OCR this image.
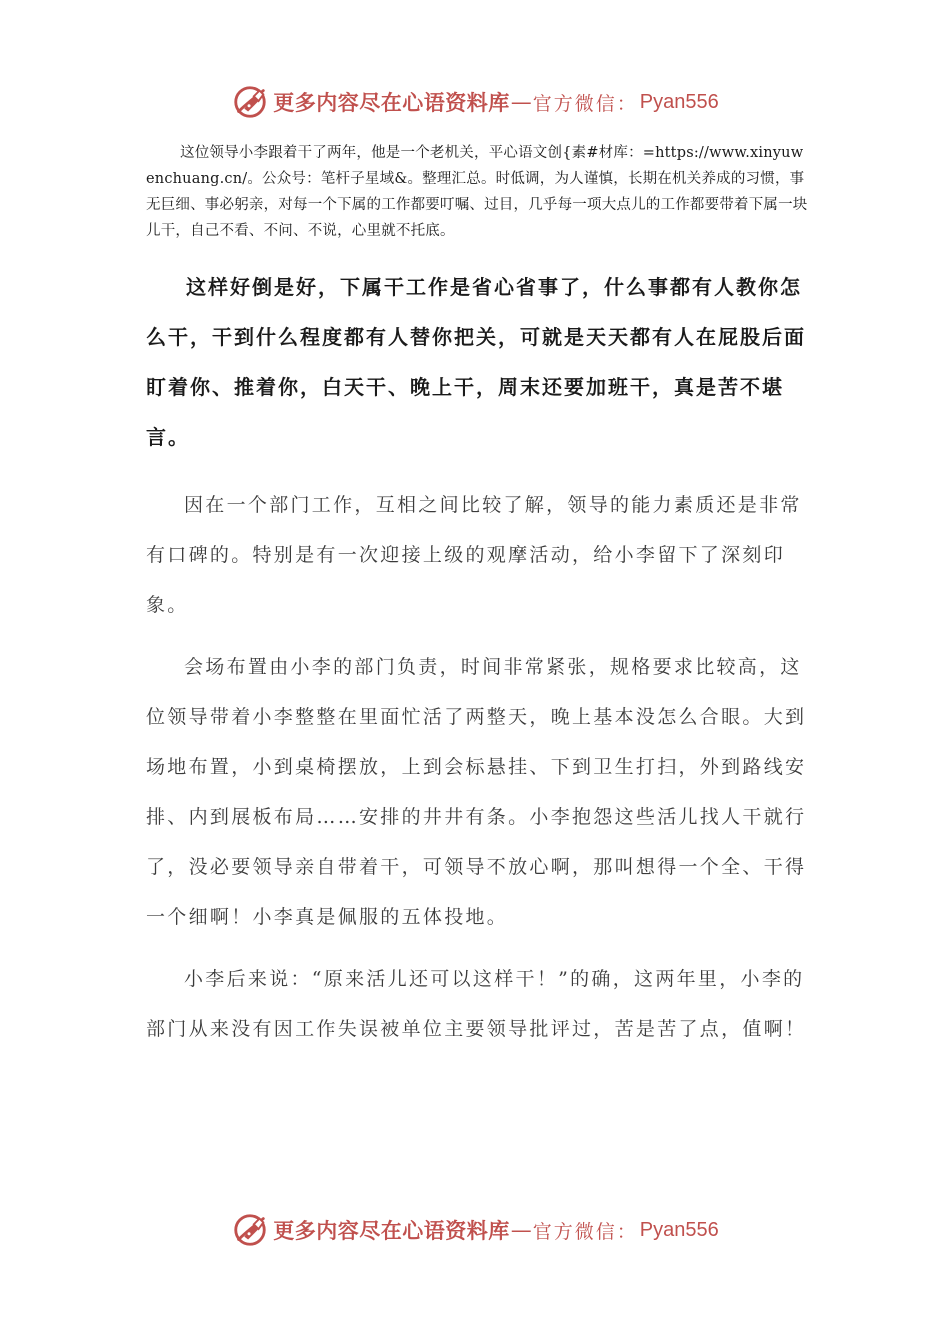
更多内容尽在心语资料库 — 官方微信： Pyan556

这位领导小李跟着干了两年，他是一个老机关，平心语文创{素#材库：=https://www.xinyuwenchuang.cn/。公众号：笔杆子星域&。整理汇总。时低调，为人谨慎，长期在机关养成的习惯，事无巨细、事必躬亲，对每一个下属的工作都要叮嘱、过目，几乎每一项大点儿的工作都要带着下属一块儿干，自己不看、不问、不说，心里就不托底。

这样好倒是好，下属干工作是省心省事了，什么事都有人教你怎么干，干到什么程度都有人替你把关，可就是天天都有人在屁股后面盯着你、推着你，白天干、晚上干，周末还要加班干，真是苦不堪言。

因在一个部门工作，互相之间比较了解，领导的能力素质还是非常有口碑的。特别是有一次迎接上级的观摩活动，给小李留下了深刻印象。

会场布置由小李的部门负责，时间非常紧张，规格要求比较高，这位领导带着小李整整在里面忙活了两整天，晚上基本没怎么合眼。大到场地布置，小到桌椅摆放，上到会标悬挂、下到卫生打扫，外到路线安排、内到展板布局……安排的井井有条。小李抱怨这些活儿找人干就行了，没必要领导亲自带着干，可领导不放心啊，那叫想得一个全、干得一个细啊！小李真是佩服的五体投地。

小李后来说：“原来活儿还可以这样干！”的确，这两年里，小李的部门从来没有因工作失误被单位主要领导批评过，苦是苦了点，值啊！

更多内容尽在心语资料库 — 官方微信： Pyan556
